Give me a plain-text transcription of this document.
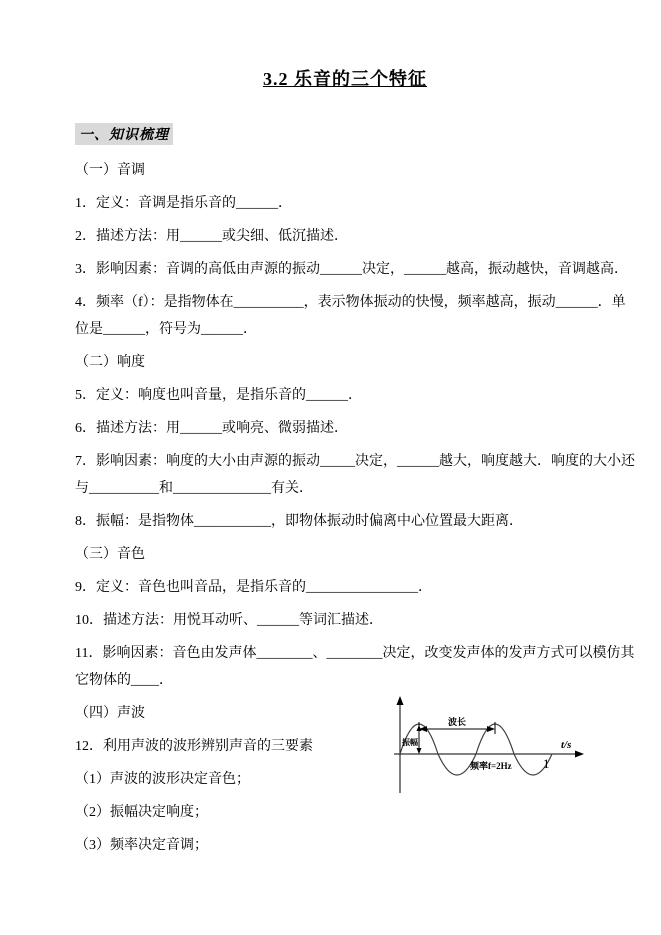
3.2 乐音的三个特征
一、知识梳理

（一）音调

1．定义：音调是指乐音的______．

2．描述方法：用______或尖细、低沉描述．

3．影响因素：音调的高低由声源的振动______决定，______越高，振动越快，音调越高．

4．频率（f）：是指物体在__________，表示物体振动的快慢，频率越高，振动______．单位是______，符号为______．

（二）响度

5．定义：响度也叫音量，是指乐音的______．

6．描述方法：用______或响亮、微弱描述．

7．影响因素：响度的大小由声源的振动_____决定，______越大，响度越大．响度的大小还与__________和______________有关．

8．振幅：是指物体___________，即物体振动时偏离中心位置最大距离．

（三）音色

9．定义：音色也叫音品，是指乐音的________________．

10．描述方法：用悦耳动听、______等词汇描述．

11．影响因素：音色由发声体________、________决定，改变发声体的发声方式可以模仿其它物体的____．

（四）声波

12．利用声波的波形辨别声音的三要素

（1）声波的波形决定音色；

（2）振幅决定响度；

（3）频率决定音调；

波长
振幅
频率f=2Hz
t/s
1
